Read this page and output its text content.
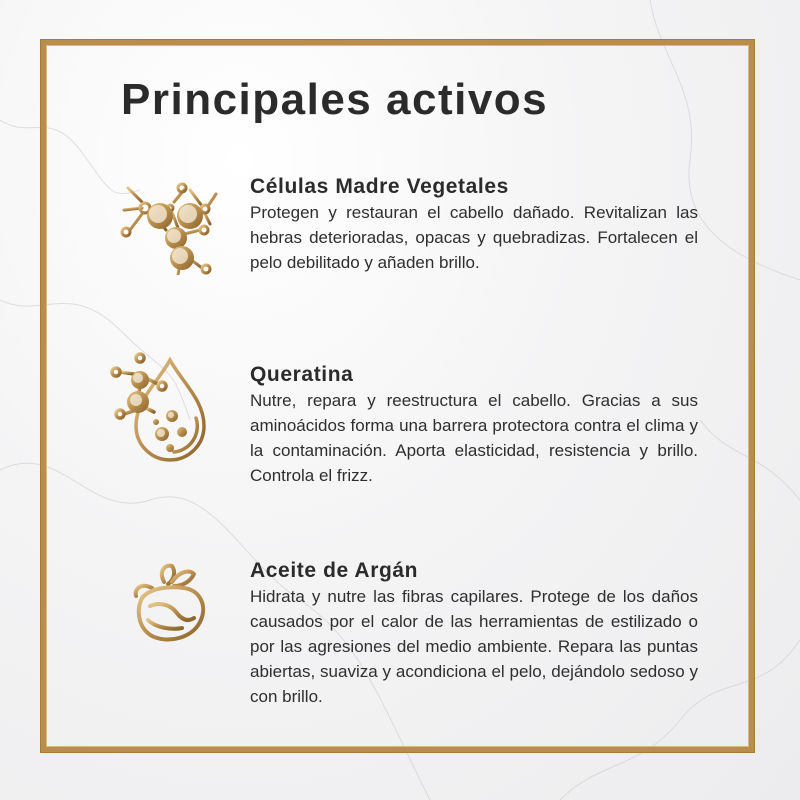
Principales activos
Células Madre Vegetales

Protegen y restauran el cabello dañado. Revitalizan las hebras deterioradas, opacas y quebradizas. Fortalecen el pelo debilitado y añaden brillo.

Queratina

Nutre, repara y reestructura el cabello. Gracias a sus aminoácidos forma una barrera protectora contra el clima y la contaminación. Aporta elasticidad, resistencia y brillo. Controla el frizz.

Aceite de Argán

Hidrata y nutre las fibras capilares. Protege de los daños causados por el calor de las herramientas de estilizado o por las agresiones del medio ambiente. Repara las puntas abiertas, suaviza y acondiciona el pelo, dejándolo sedoso y con brillo.
